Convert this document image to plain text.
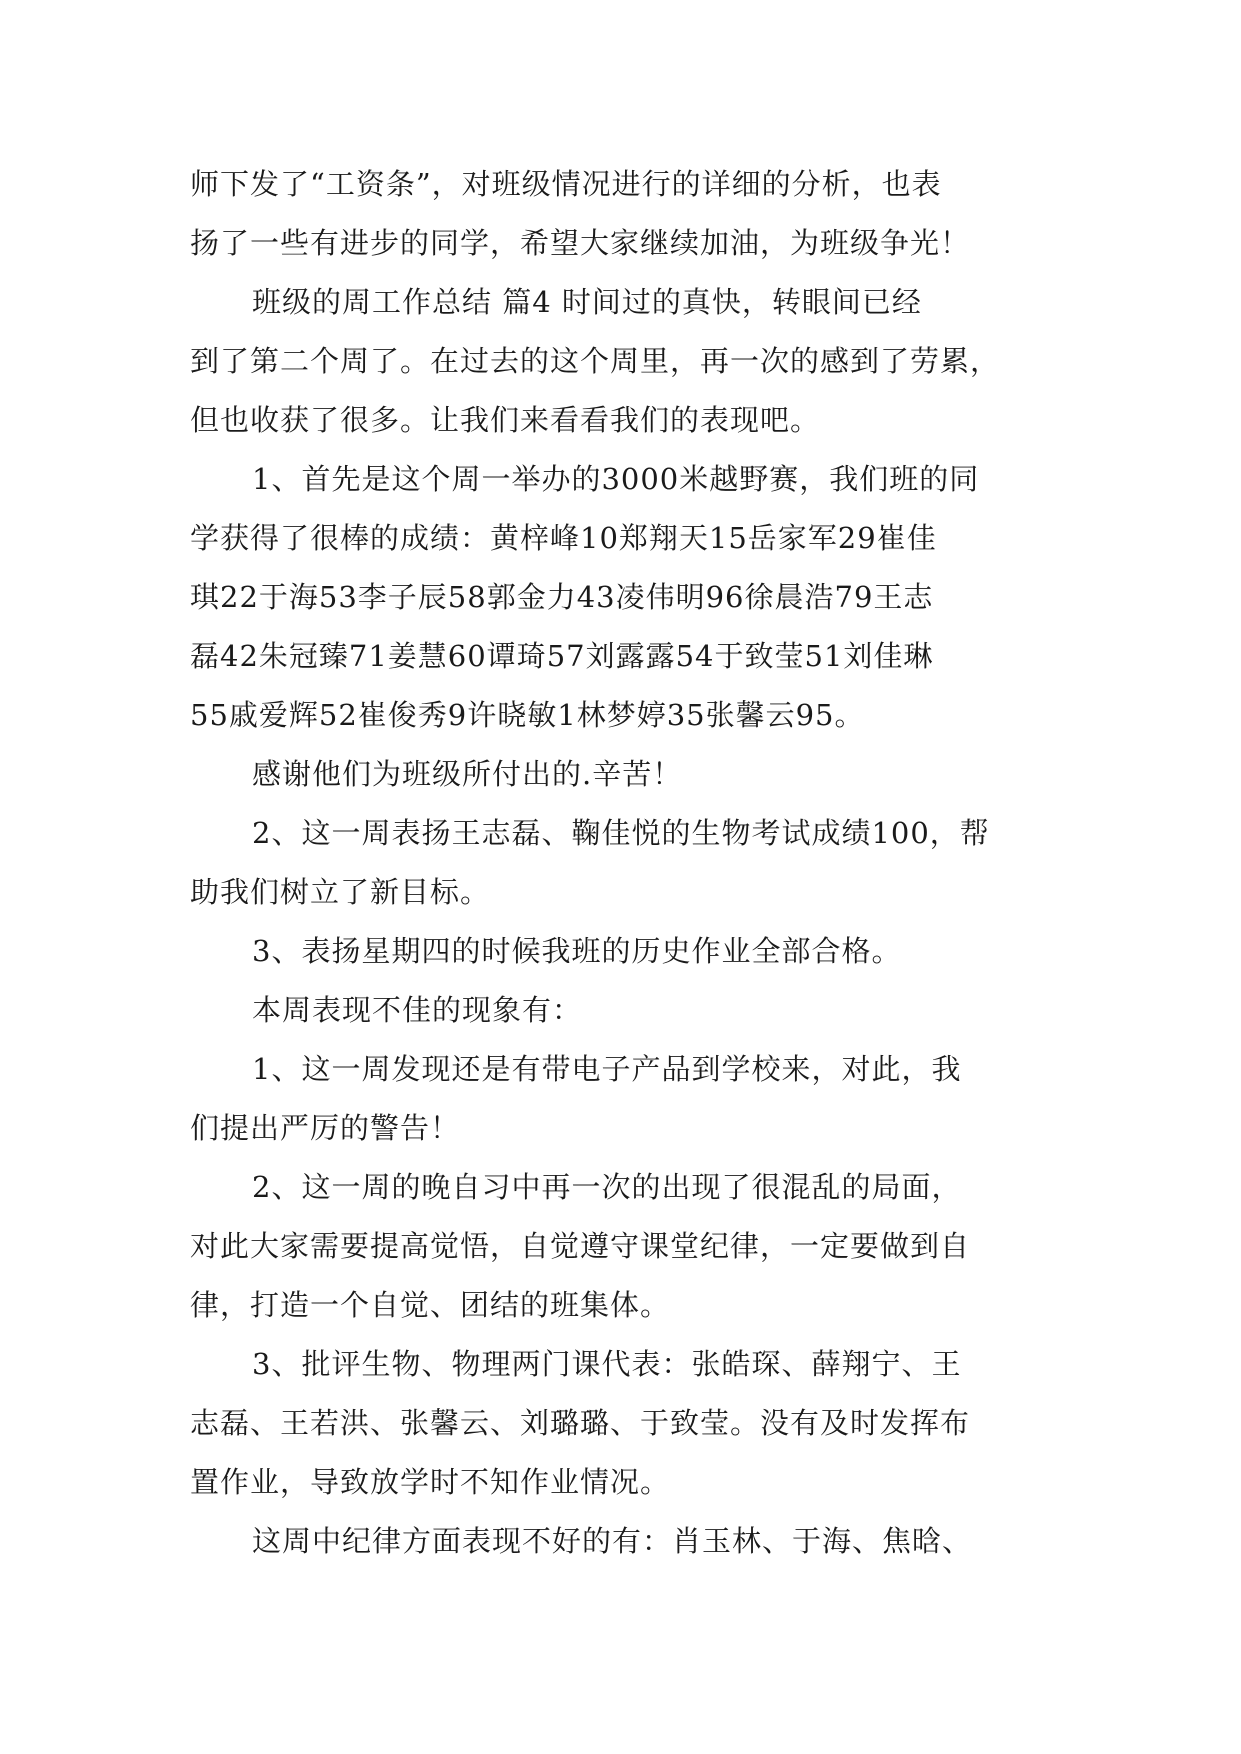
师下发了“工资条”，对班级情况进行的详细的分析，也表
扬了一些有进步的同学，希望大家继续加油，为班级争光！
班级的周工作总结 篇4 时间过的真快，转眼间已经
到了第二个周了。在过去的这个周里，再一次的感到了劳累，
但也收获了很多。让我们来看看我们的表现吧。
1、首先是这个周一举办的3000米越野赛，我们班的同
学获得了很棒的成绩：黄梓峰10郑翔天15岳家军29崔佳
琪22于海53李子辰58郭金力43凌伟明96徐晨浩79王志
磊42朱冠臻71姜慧60谭琦57刘露露54于致莹51刘佳琳
55戚爱辉52崔俊秀9许晓敏1林梦婷35张馨云95。
感谢他们为班级所付出的.辛苦！
2、这一周表扬王志磊、鞠佳悦的生物考试成绩100，帮
助我们树立了新目标。
3、表扬星期四的时候我班的历史作业全部合格。
本周表现不佳的现象有：
1、这一周发现还是有带电子产品到学校来，对此，我
们提出严厉的警告！
2、这一周的晚自习中再一次的出现了很混乱的局面，
对此大家需要提高觉悟，自觉遵守课堂纪律，一定要做到自
律，打造一个自觉、团结的班集体。
3、批评生物、物理两门课代表：张皓琛、薛翔宁、王
志磊、王若洪、张馨云、刘璐璐、于致莹。没有及时发挥布
置作业，导致放学时不知作业情况。
这周中纪律方面表现不好的有：肖玉林、于海、焦晗、
